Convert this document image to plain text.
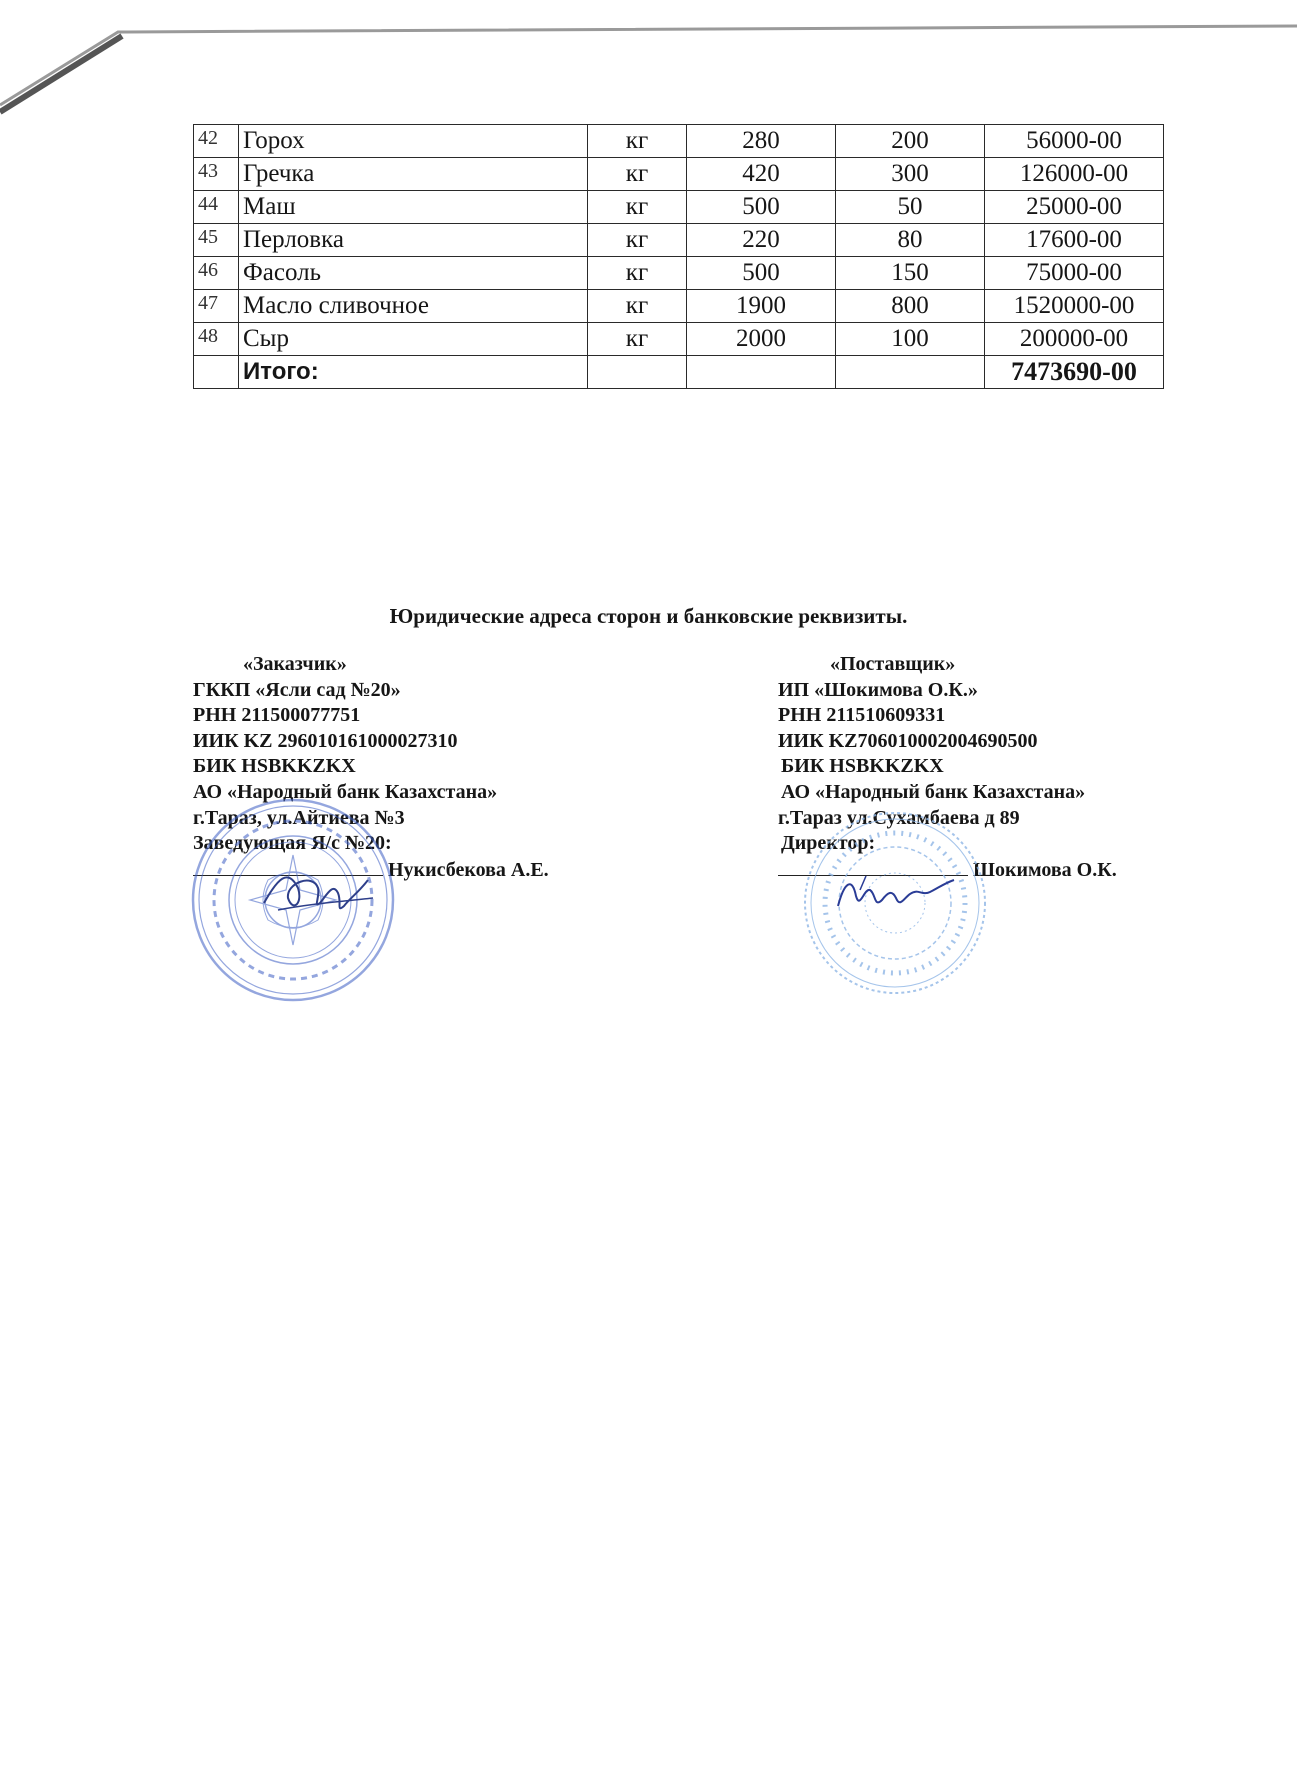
42	Горох	кг	280	200	56000-00
43	Гречка	кг	420	300	126000-00
44	Маш	кг	500	50	25000-00
45	Перловка	кг	220	80	17600-00
46	Фасоль	кг	500	150	75000-00
47	Масло сливочное	кг	1900	800	1520000-00
48	Сыр	кг	2000	100	200000-00
	Итого:				7473690-00
Юридические адреса сторон и банковские реквизиты.
«Заказчик»
ГККП «Ясли сад №20»
РНН 211500077751
ИИК KZ 296010161000027310
БИК HSBKKZKX
АО «Народный банк Казахстана»
г.Тараз, ул.Айтиева №3
Заведующая Я/с №20:
Нукисбекова А.Е.
«Поставщик»
ИП «Шокимова О.К.»
РНН 211510609331
ИИК KZ706010002004690500
БИК HSBKKZKX
АО «Народный банк Казахстана»
г.Тараз ул.Сухамбаева д 89
Директор:
Шокимова О.К.
